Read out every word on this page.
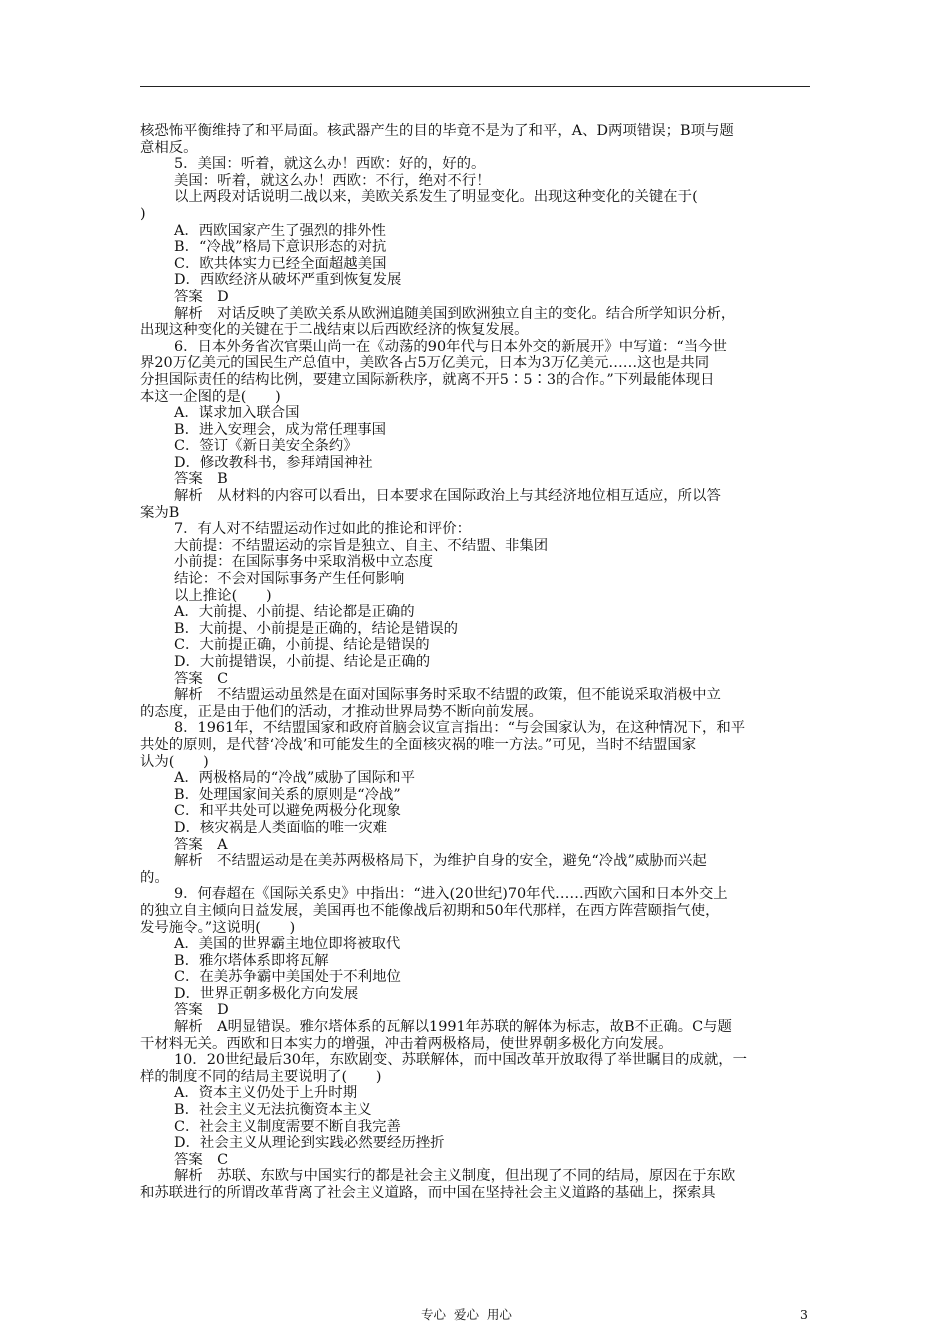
核恐怖平衡维持了和平局面。核武器产生的目的毕竟不是为了和平，A、D两项错误；B项与题
意相反。
5．美国：听着，就这么办！西欧：好的，好的。
美国：听着，就这么办！西欧：不行，绝对不行！
以上两段对话说明二战以来，美欧关系发生了明显变化。出现这种变化的关键在于(
)
A．西欧国家产生了强烈的排外性
B．“冷战”格局下意识形态的对抗
C．欧共体实力已经全面超越美国
D．西欧经济从破坏严重到恢复发展
答案　D
解析　对话反映了美欧关系从欧洲追随美国到欧洲独立自主的变化。结合所学知识分析，
出现这种变化的关键在于二战结束以后西欧经济的恢复发展。
6．日本外务省次官栗山尚一在《动荡的90年代与日本外交的新展开》中写道：“当今世
界20万亿美元的国民生产总值中，美欧各占5万亿美元，日本为3万亿美元……这也是共同
分担国际责任的结构比例，要建立国际新秩序，就离不开5∶5∶3的合作。”下列最能体现日
本这一企图的是(　　)
A．谋求加入联合国
B．进入安理会，成为常任理事国
C．签订《新日美安全条约》
D．修改教科书，参拜靖国神社
答案　B
解析　从材料的内容可以看出，日本要求在国际政治上与其经济地位相互适应，所以答
案为B
7．有人对不结盟运动作过如此的推论和评价：
大前提：不结盟运动的宗旨是独立、自主、不结盟、非集团
小前提：在国际事务中采取消极中立态度
结论：不会对国际事务产生任何影响
以上推论(　　)
A．大前提、小前提、结论都是正确的
B．大前提、小前提是正确的，结论是错误的
C．大前提正确，小前提、结论是错误的
D．大前提错误，小前提、结论是正确的
答案　C
解析　不结盟运动虽然是在面对国际事务时采取不结盟的政策，但不能说采取消极中立
的态度，正是由于他们的活动，才推动世界局势不断向前发展。
8．1961年，不结盟国家和政府首脑会议宣言指出：“与会国家认为，在这种情况下，和平
共处的原则，是代替‘冷战’和可能发生的全面核灾祸的唯一方法。”可见，当时不结盟国家
认为(　　)
A．两极格局的“冷战”威胁了国际和平
B．处理国家间关系的原则是“冷战”
C．和平共处可以避免两极分化现象
D．核灾祸是人类面临的唯一灾难
答案　A
解析　不结盟运动是在美苏两极格局下，为维护自身的安全，避免“冷战”威胁而兴起
的。
9．何春超在《国际关系史》中指出：“进入(20世纪)70年代……西欧六国和日本外交上
的独立自主倾向日益发展，美国再也不能像战后初期和50年代那样，在西方阵营颐指气使，
发号施令。”这说明(　　)
A．美国的世界霸主地位即将被取代
B．雅尔塔体系即将瓦解
C．在美苏争霸中美国处于不利地位
D．世界正朝多极化方向发展
答案　D
解析　A明显错误。雅尔塔体系的瓦解以1991年苏联的解体为标志，故B不正确。C与题
干材料无关。西欧和日本实力的增强，冲击着两极格局，使世界朝多极化方向发展。
10．20世纪最后30年，东欧剧变、苏联解体，而中国改革开放取得了举世瞩目的成就，一
样的制度不同的结局主要说明了(　　)
A．资本主义仍处于上升时期
B．社会主义无法抗衡资本主义
C．社会主义制度需要不断自我完善
D．社会主义从理论到实践必然要经历挫折
答案　C
解析　苏联、东欧与中国实行的都是社会主义制度，但出现了不同的结局，原因在于东欧
和苏联进行的所谓改革背离了社会主义道路，而中国在坚持社会主义道路的基础上，探索具
专心  爱心  用心	3
